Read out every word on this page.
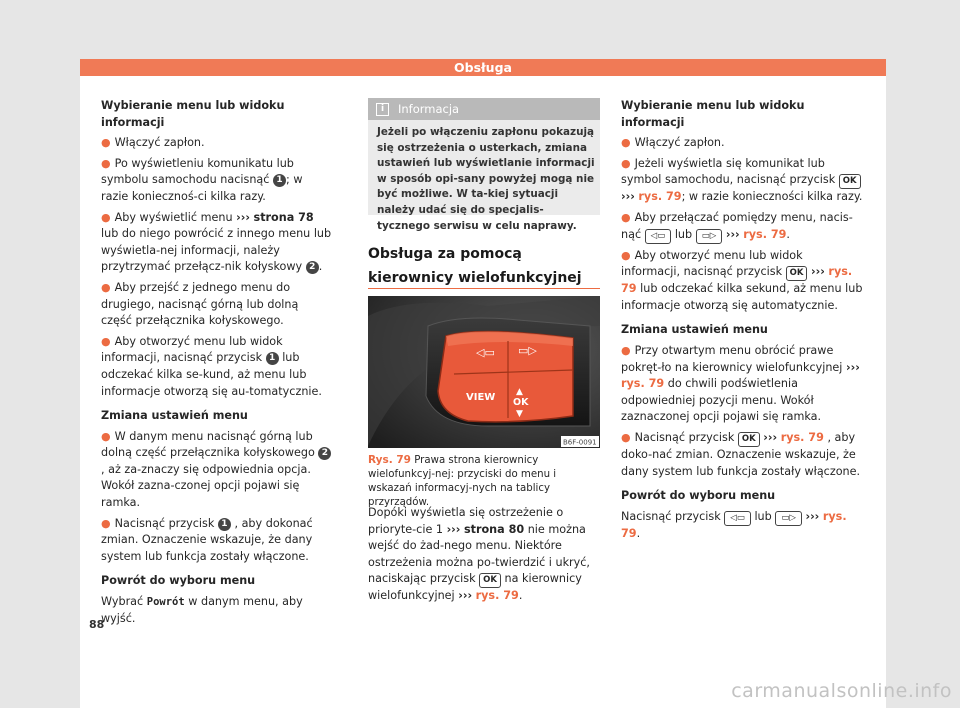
Obsługa

Wybieranie menu lub widoku informacji

● Włączyć zapłon.

● Po wyświetleniu komunikatu lub symbolu samochodu nacisnąć 1 ; w razie koniecznoś-ci kilka razy.

● Aby wyświetlić menu ››› strona 78 lub do niego powrócić z innego menu lub wyświetla-nej informacji, należy przytrzymać przełącz-nik kołyskowy 2 .

● Aby przejść z jednego menu do drugiego, nacisnąć górną lub dolną część przełącznika kołyskowego.

● Aby otworzyć menu lub widok informacji, nacisnąć przycisk 1 lub odczekać kilka se-kund, aż menu lub informacje otworzą się au-tomatycznie.

Zmiana ustawień menu

● W danym menu nacisnąć górną lub dolną część przełącznika kołyskowego 2, aż za-znaczy się odpowiednia opcja. Wokół zazna-czonej opcji pojawi się ramka.

● Nacisnąć przycisk 1 , aby dokonać zmian. Oznaczenie wskazuje, że dany system lub funkcja zostały włączone.

Powrót do wyboru menu

Wybrać Powrót w danym menu, aby wyjść.

i	Informacja
Jeżeli po włączeniu zapłonu pokazują się ostrzeżenia o usterkach, zmiana ustawień lub wyświetlanie informacji w sposób opi-sany powyżej mogą nie być możliwe. W ta-kiej sytuacji należy udać się do specjalis-tycznego serwisu w celu naprawy.
Obsługa za pomocą kierownicy wielofunkcyjnej
◁▭ ▭▷
VIEW ▲
OK
▼
B6F-0091
Rys. 79 Prawa strona kierownicy wielofunkcyj-nej: przyciski do menu i wskazań informacyj-nych na tablicy przyrządów.
Dopóki wyświetla się ostrzeżenie o prioryte-cie 1 ››› strona 80 nie można wejść do żad-nego menu. Niektóre ostrzeżenia można po-twierdzić i ukryć, naciskając przycisk OK na kierownicy wielofunkcyjnej ››› rys. 79.

Wybieranie menu lub widoku informacji

● Włączyć zapłon.

● Jeżeli wyświetla się komunikat lub symbol samochodu, nacisnąć przycisk OK ››› rys. 79; w razie konieczności kilka razy.

● Aby przełączać pomiędzy menu, nacis-nąć ◁▭ lub ▭▷ ››› rys. 79.

● Aby otworzyć menu lub widok informacji, nacisnąć przycisk OK ››› rys. 79 lub odczekać kilka sekund, aż menu lub informacje otworzą się automatycznie.

Zmiana ustawień menu

● Przy otwartym menu obrócić prawe pokręt-ło na kierownicy wielofunkcyjnej ››› rys. 79 do chwili podświetlenia odpowiedniej pozycji menu. Wokół zaznaczonej opcji pojawi się ramka.

● Nacisnąć przycisk OK ››› rys. 79 , aby doko-nać zmian. Oznaczenie wskazuje, że dany system lub funkcja zostały włączone.

Powrót do wyboru menu

Nacisnąć przycisk ◁▭ lub ▭▷ ››› rys. 79.

88
carmanualsonline.info
